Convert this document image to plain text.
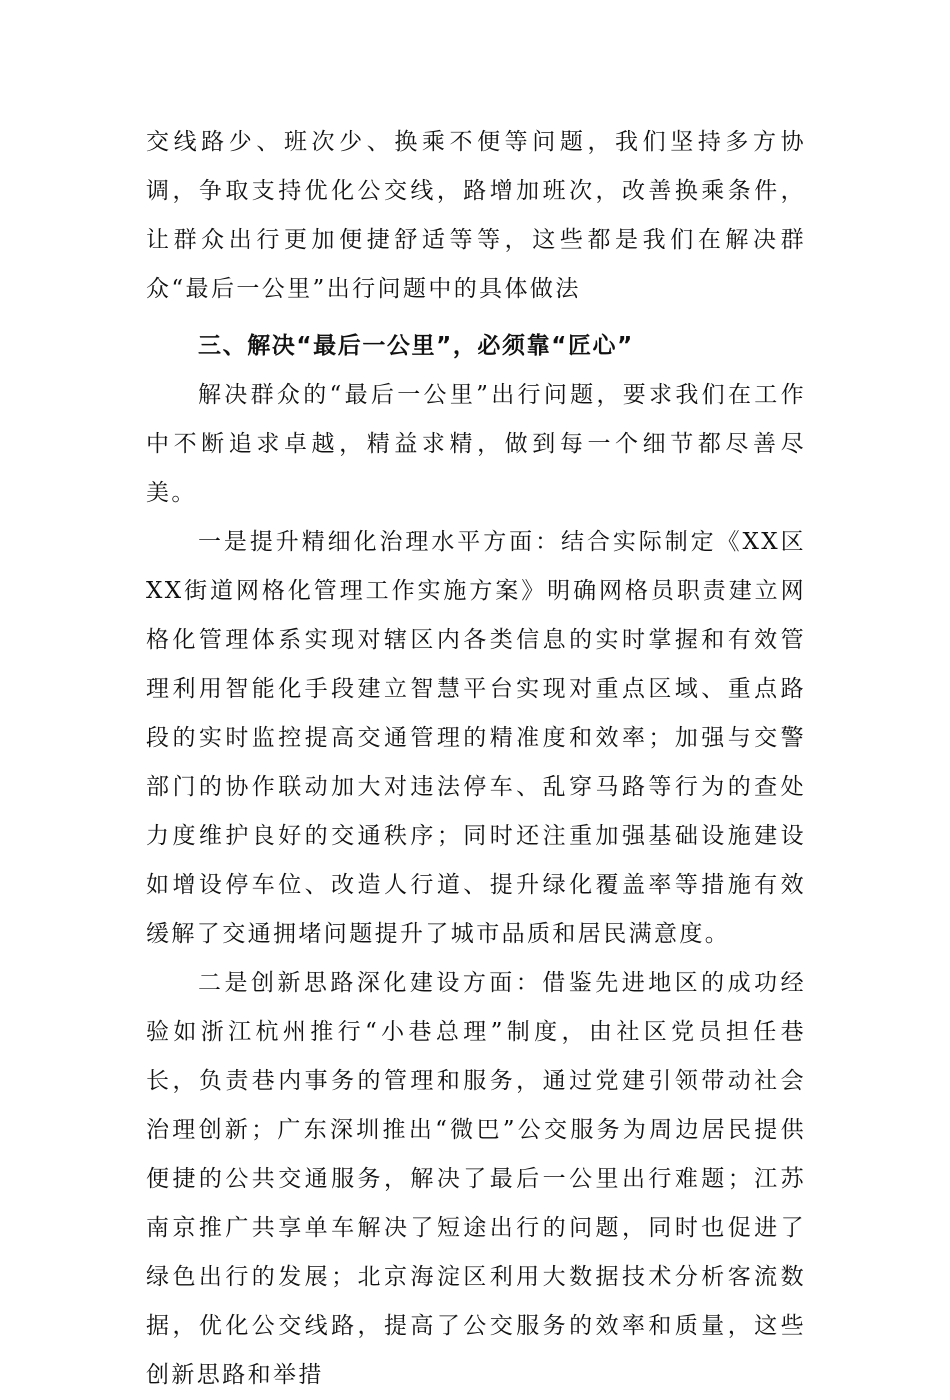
交线路少、班次少、换乘不便等问题，我们坚持多方协调，争取支持优化公交线，路增加班次，改善换乘条件，让群众出行更加便捷舒适等等，这些都是我们在解决群众“最后一公里”出行问题中的具体做法

三、解决“最后一公里”，必须靠“匠心”

解决群众的“最后一公里”出行问题，要求我们在工作中不断追求卓越，精益求精，做到每一个细节都尽善尽美。

一是提升精细化治理水平方面：结合实际制定《XX区XX街道网格化管理工作实施方案》明确网格员职责建立网格化管理体系实现对辖区内各类信息的实时掌握和有效管理利用智能化手段建立智慧平台实现对重点区域、重点路段的实时监控提高交通管理的精准度和效率；加强与交警部门的协作联动加大对违法停车、乱穿马路等行为的查处力度维护良好的交通秩序；同时还注重加强基础设施建设如增设停车位、改造人行道、提升绿化覆盖率等措施有效缓解了交通拥堵问题提升了城市品质和居民满意度。

二是创新思路深化建设方面：借鉴先进地区的成功经验如浙江杭州推行“小巷总理”制度，由社区党员担任巷长，负责巷内事务的管理和服务，通过党建引领带动社会治理创新；广东深圳推出“微巴”公交服务为周边居民提供便捷的公共交通服务，解决了最后一公里出行难题；江苏南京推广共享单车解决了短途出行的问题，同时也促进了绿色出行的发展；北京海淀区利用大数据技术分析客流数据，优化公交线路，提高了公交服务的效率和质量，这些创新思路和举措
